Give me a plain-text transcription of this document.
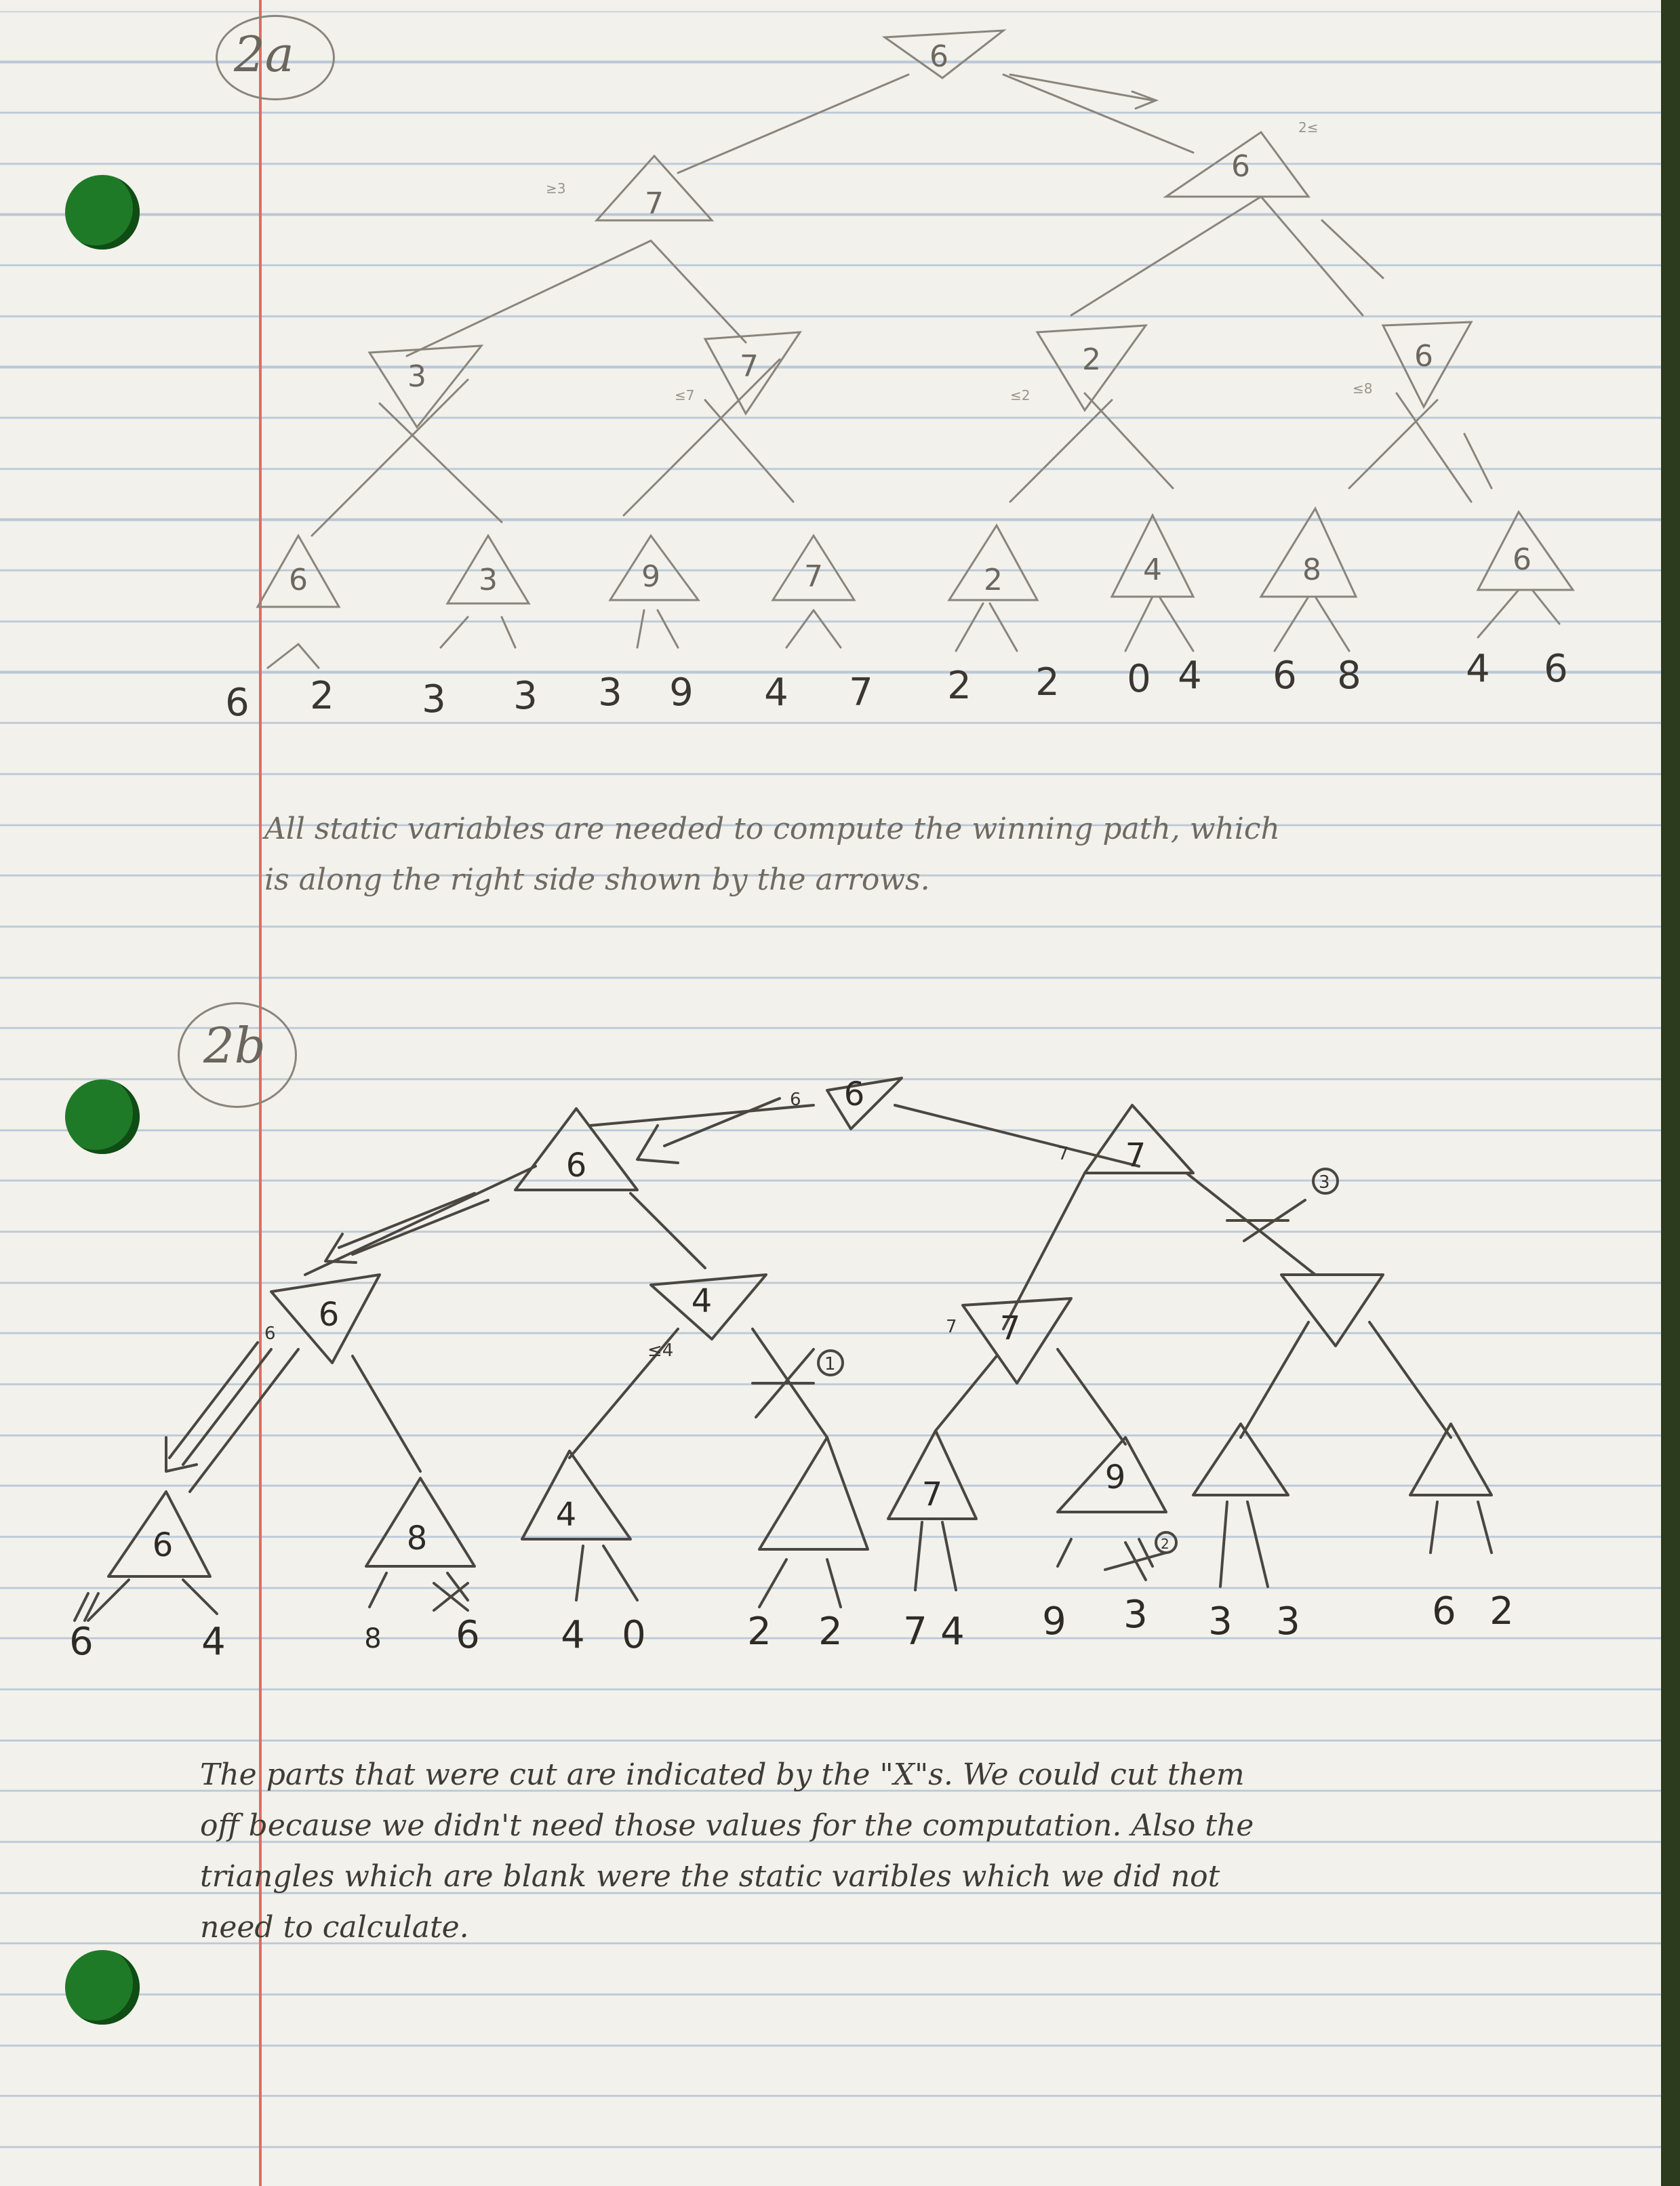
2a
2b
6
7
6
3	7	2	6
6	3	9	7	2	4	8	6
≥3
2≤
≤7	≤2	≤8
6 2 3 3 3 9 4 7 2 2 0 4 6 8	4 6
6
6	7
6	4
7
6	8
4
7	9
6
7
6
≤4
7
3
1
2
6	4	8 6 4 0	2 2 7 4 9 3 3 3	6 2

All static variables are needed to compute the winning path, which

is along the right side shown by the arrows.

The parts that were cut are indicated by the "X"s. We could cut them

off because we didn't need those values for the computation. Also the

triangles which are blank were the static varibles which we did not

need to calculate.
